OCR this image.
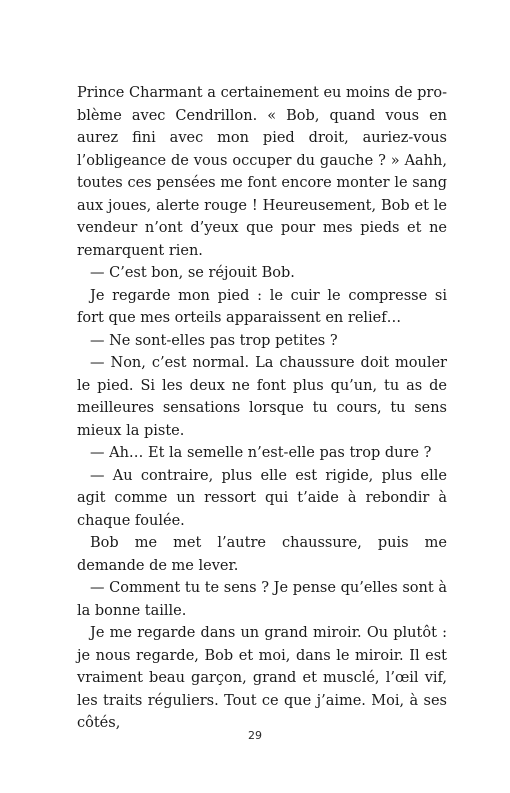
Prince Charmant a certainement eu moins de problème avec Cendrillon. « Bob, quand vous en aurez fini avec mon pied droit, auriez-vous l’obligeance de vous occuper du gauche ? » Aahh, toutes ces pensées me font encore monter le sang aux joues, alerte rouge ! Heureusement, Bob et le vendeur n’ont d’yeux que pour mes pieds et ne remarquent rien.

— C’est bon, se réjouit Bob.

Je regarde mon pied : le cuir le compresse si fort que mes orteils apparaissent en relief…

— Ne sont-elles pas trop petites ?

— Non, c’est normal. La chaussure doit mouler le pied. Si les deux ne font plus qu’un, tu as de meilleures sensations lorsque tu cours, tu sens mieux la piste.

— Ah… Et la semelle n’est-elle pas trop dure ?

— Au contraire, plus elle est rigide, plus elle agit comme un ressort qui t’aide à rebondir à chaque foulée.

Bob me met l’autre chaussure, puis me demande de me lever.

— Comment tu te sens ? Je pense qu’elles sont à la bonne taille.

Je me regarde dans un grand miroir. Ou plutôt : je nous regarde, Bob et moi, dans le miroir. Il est vraiment beau garçon, grand et musclé, l’œil vif, les traits réguliers. Tout ce que j’aime. Moi, à ses côtés,

29
